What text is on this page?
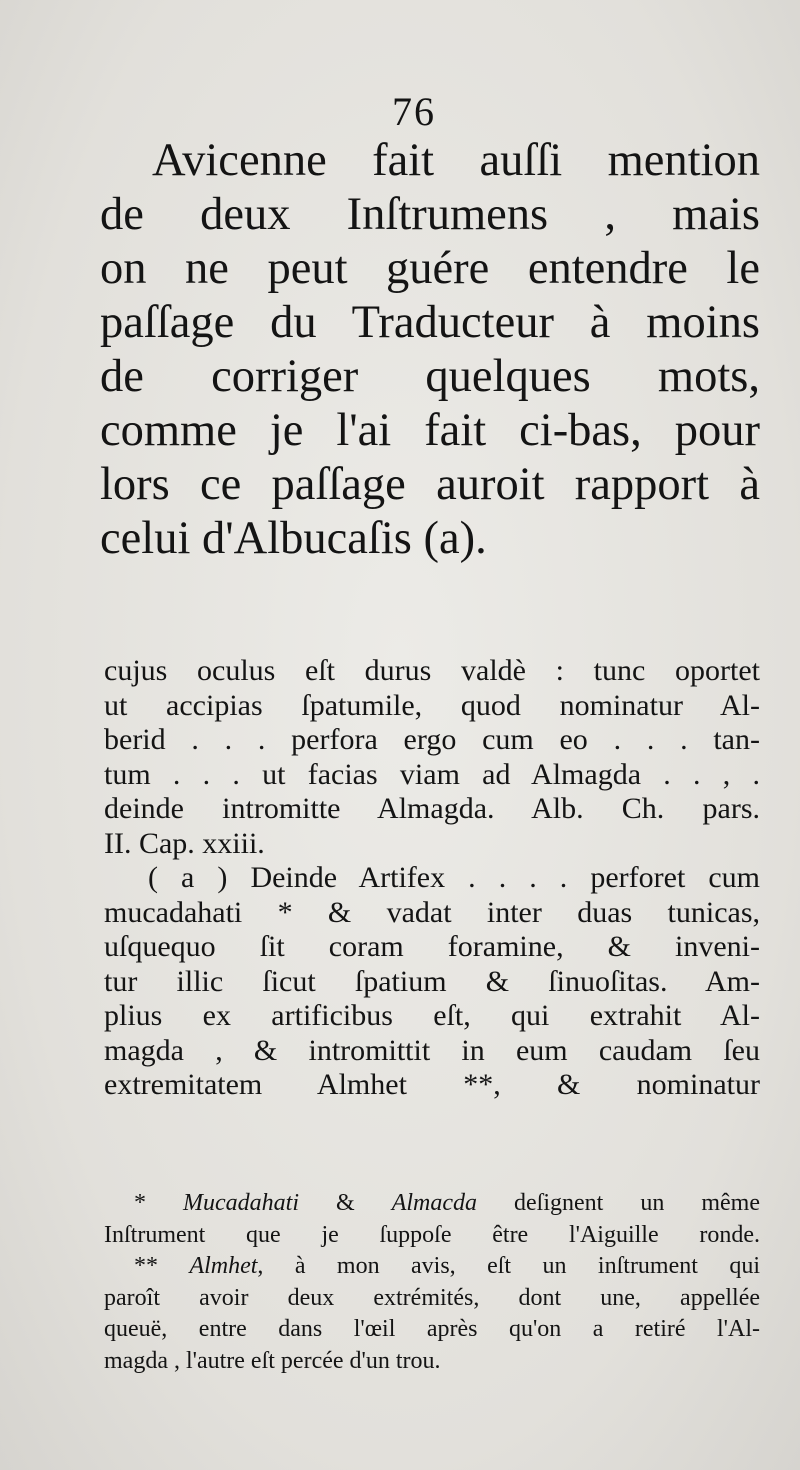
76
Avicenne fait auſſi mention
de deux Inſtrumens , mais
on ne peut guére entendre le
paſſage du Traducteur à moins
de corriger quelques mots,
comme je l'ai fait ci-bas, pour
lors ce paſſage auroit rapport à
celui d'Albucaſis (a).
cujus oculus eſt durus valdè : tunc oportet
ut accipias ſpatumile, quod nominatur Al-
berid . . . perfora ergo cum eo . . . tan-
tum . . . ut facias viam ad Almagda . . , .
deinde intromitte Almagda. Alb. Ch. pars.
II. Cap. xxiii.
( a ) Deinde Artifex . . . . perforet cum
mucadahati * & vadat inter duas tunicas,
uſquequo ſit coram foramine, & inveni-
tur illic ſicut ſpatium & ſinuoſitas. Am-
plius ex artificibus eſt, qui extrahit Al-
magda , & intromittit in eum caudam ſeu
extremitatem Almhet **, & nominatur
* Mucadahati & Almacda deſignent un même
Inſtrument que je ſuppoſe être l'Aiguille ronde.
** Almhet, à mon avis, eſt un inſtrument qui
paroît avoir deux extrémités, dont une, appellée
queuë, entre dans l'œil après qu'on a retiré l'Al-
magda , l'autre eſt percée d'un trou.
